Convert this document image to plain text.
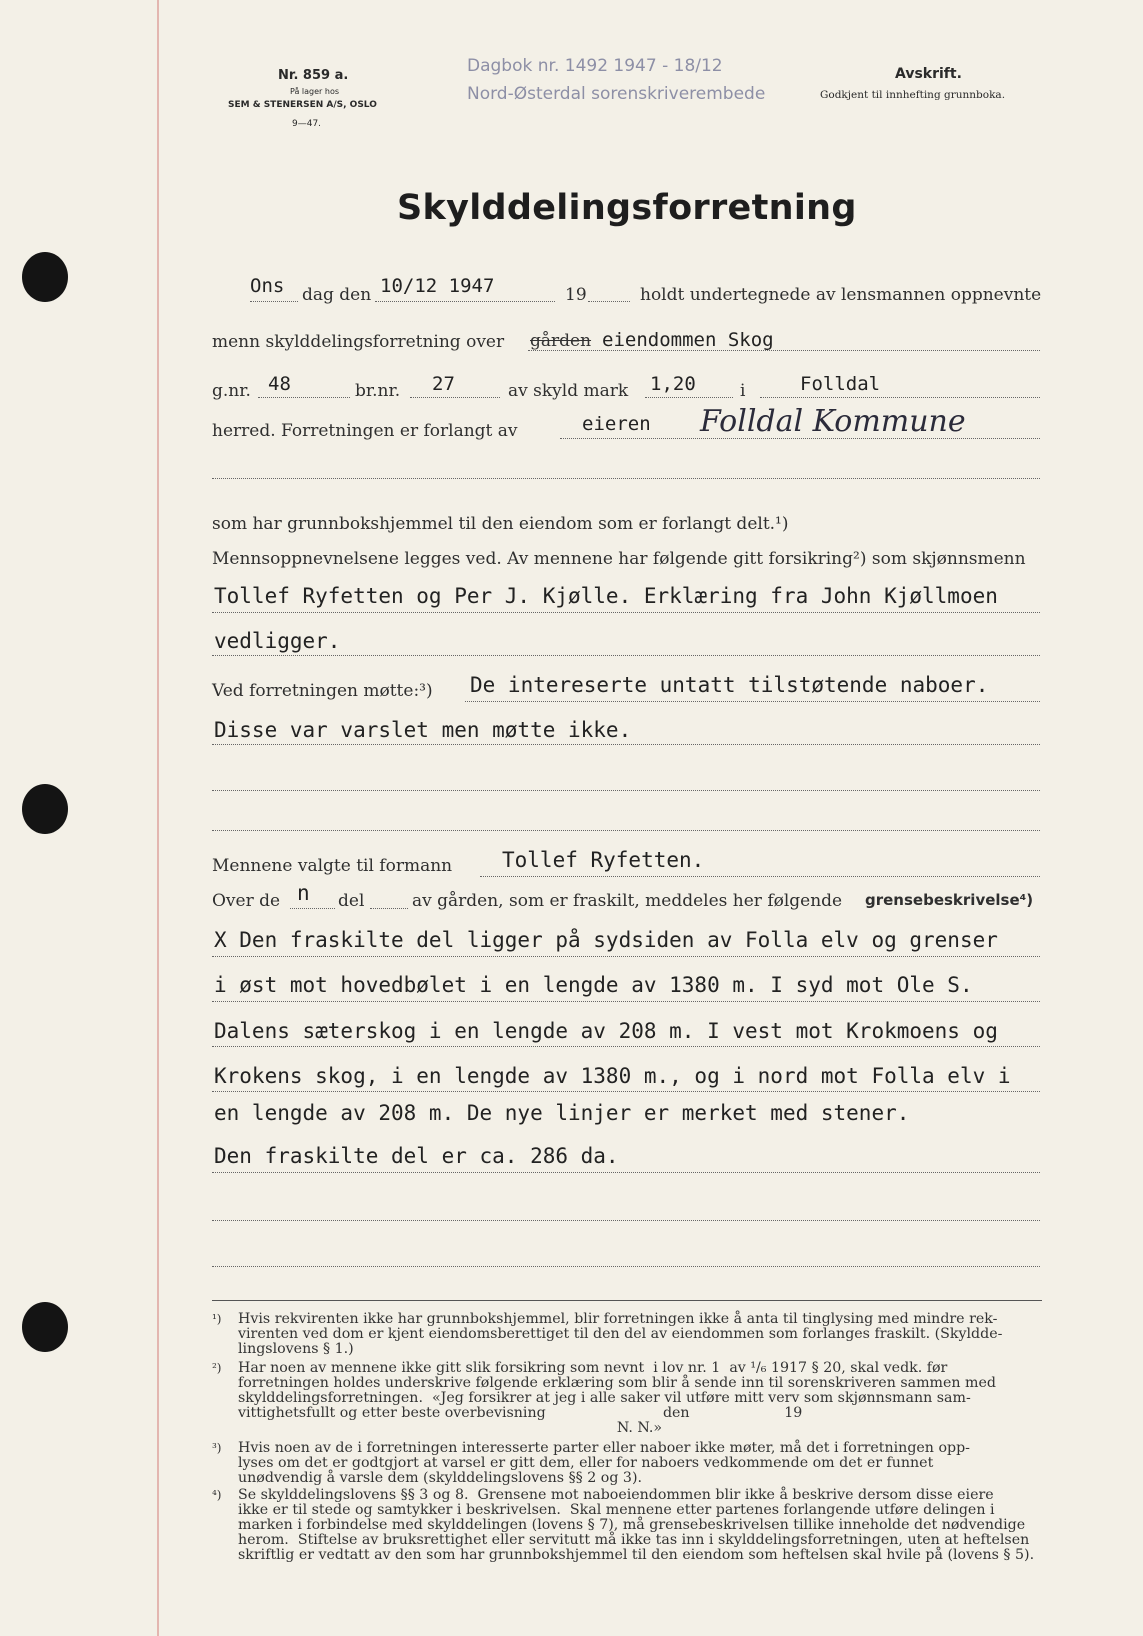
Nr. 859 a.
På lager hos
SEM & STENERSEN A/S, OSLO
9—47.
Dagbok nr. 1492 1947 - 18/12
Nord-Østerdal sorenskriverembede
Avskrift.
Godkjent til innhefting grunnboka.
Skylddelingsforretning
Ons dag den 10/12 1947	19	holdt undertegnede av lensmannen oppnevnte
menn skylddelingsforretning over gården eiendommen Skog
g.nr. 48	br.nr. 27	av skyld mark 1,20	i	Folldal
herred. Forretningen er forlangt av	eieren Folldal Kommune
som har grunnbokshjemmel til den eiendom som er forlangt delt.¹)
Mennsoppnevnelsene legges ved. Av mennene har følgende gitt forsikring²) som skjønnsmenn
Tollef Ryfetten og Per J. Kjølle. Erklæring fra John Kjøllmoen
vedligger.
Ved forretningen møtte:³) De intereserte untatt tilstøtende naboer.
Disse var varslet men møtte ikke.
Mennene valgte til formann Tollef Ryfetten.
Over de n del	av gården, som er fraskilt, meddeles her følgende grensebeskrivelse⁴)
X Den fraskilte del ligger på sydsiden av Folla elv og grenser
i øst mot hovedbølet i en lengde av 1380 m. I syd mot Ole S.
Dalens sæterskog i en lengde av 208 m. I vest mot Krokmoens og
Krokens skog, i en lengde av 1380 m., og i nord mot Folla elv i
en lengde av 208 m. De nye linjer er merket med stener.
Den fraskilte del er ca. 286 da.

¹)

Hvis rekvirenten ikke har grunnbokshjemmel, blir forretningen ikke å anta til tinglysing med mindre rek-

virenten ved dom er kjent eiendomsberettiget til den del av eiendommen som forlanges fraskilt. (Skyldde-

lingslovens § 1.)

²)

Har noen av mennene ikke gitt slik forsikring som nevnt  i lov nr. 1  av ¹/₆ 1917 § 20, skal vedk. før

forretningen holdes underskrive følgende erklæring som blir å sende inn til sorenskriveren sammen med

skylddelingsforretningen.  «Jeg forsikrer at jeg i alle saker vil utføre mitt verv som skjønnsmann sam-

vittighetsfullt og etter beste overbevisning                          den                     19

N. N.»

³)

Hvis noen av de i forretningen interesserte parter eller naboer ikke møter, må det i forretningen opp-

lyses om det er godtgjort at varsel er gitt dem, eller for naboers vedkommende om det er funnet

unødvendig å varsle dem (skylddelingslovens §§ 2 og 3).

⁴)

Se skylddelingslovens §§ 3 og 8.  Grensene mot naboeiendommen blir ikke å beskrive dersom disse eiere

ikke er til stede og samtykker i beskrivelsen.  Skal mennene etter partenes forlangende utføre delingen i

marken i forbindelse med skylddelingen (lovens § 7), må grensebeskrivelsen tillike inneholde det nødvendige

herom.  Stiftelse av bruksrettighet eller servitutt må ikke tas inn i skylddelingsforretningen, uten at heftelsen

skriftlig er vedtatt av den som har grunnbokshjemmel til den eiendom som heftelsen skal hvile på (lovens § 5).
